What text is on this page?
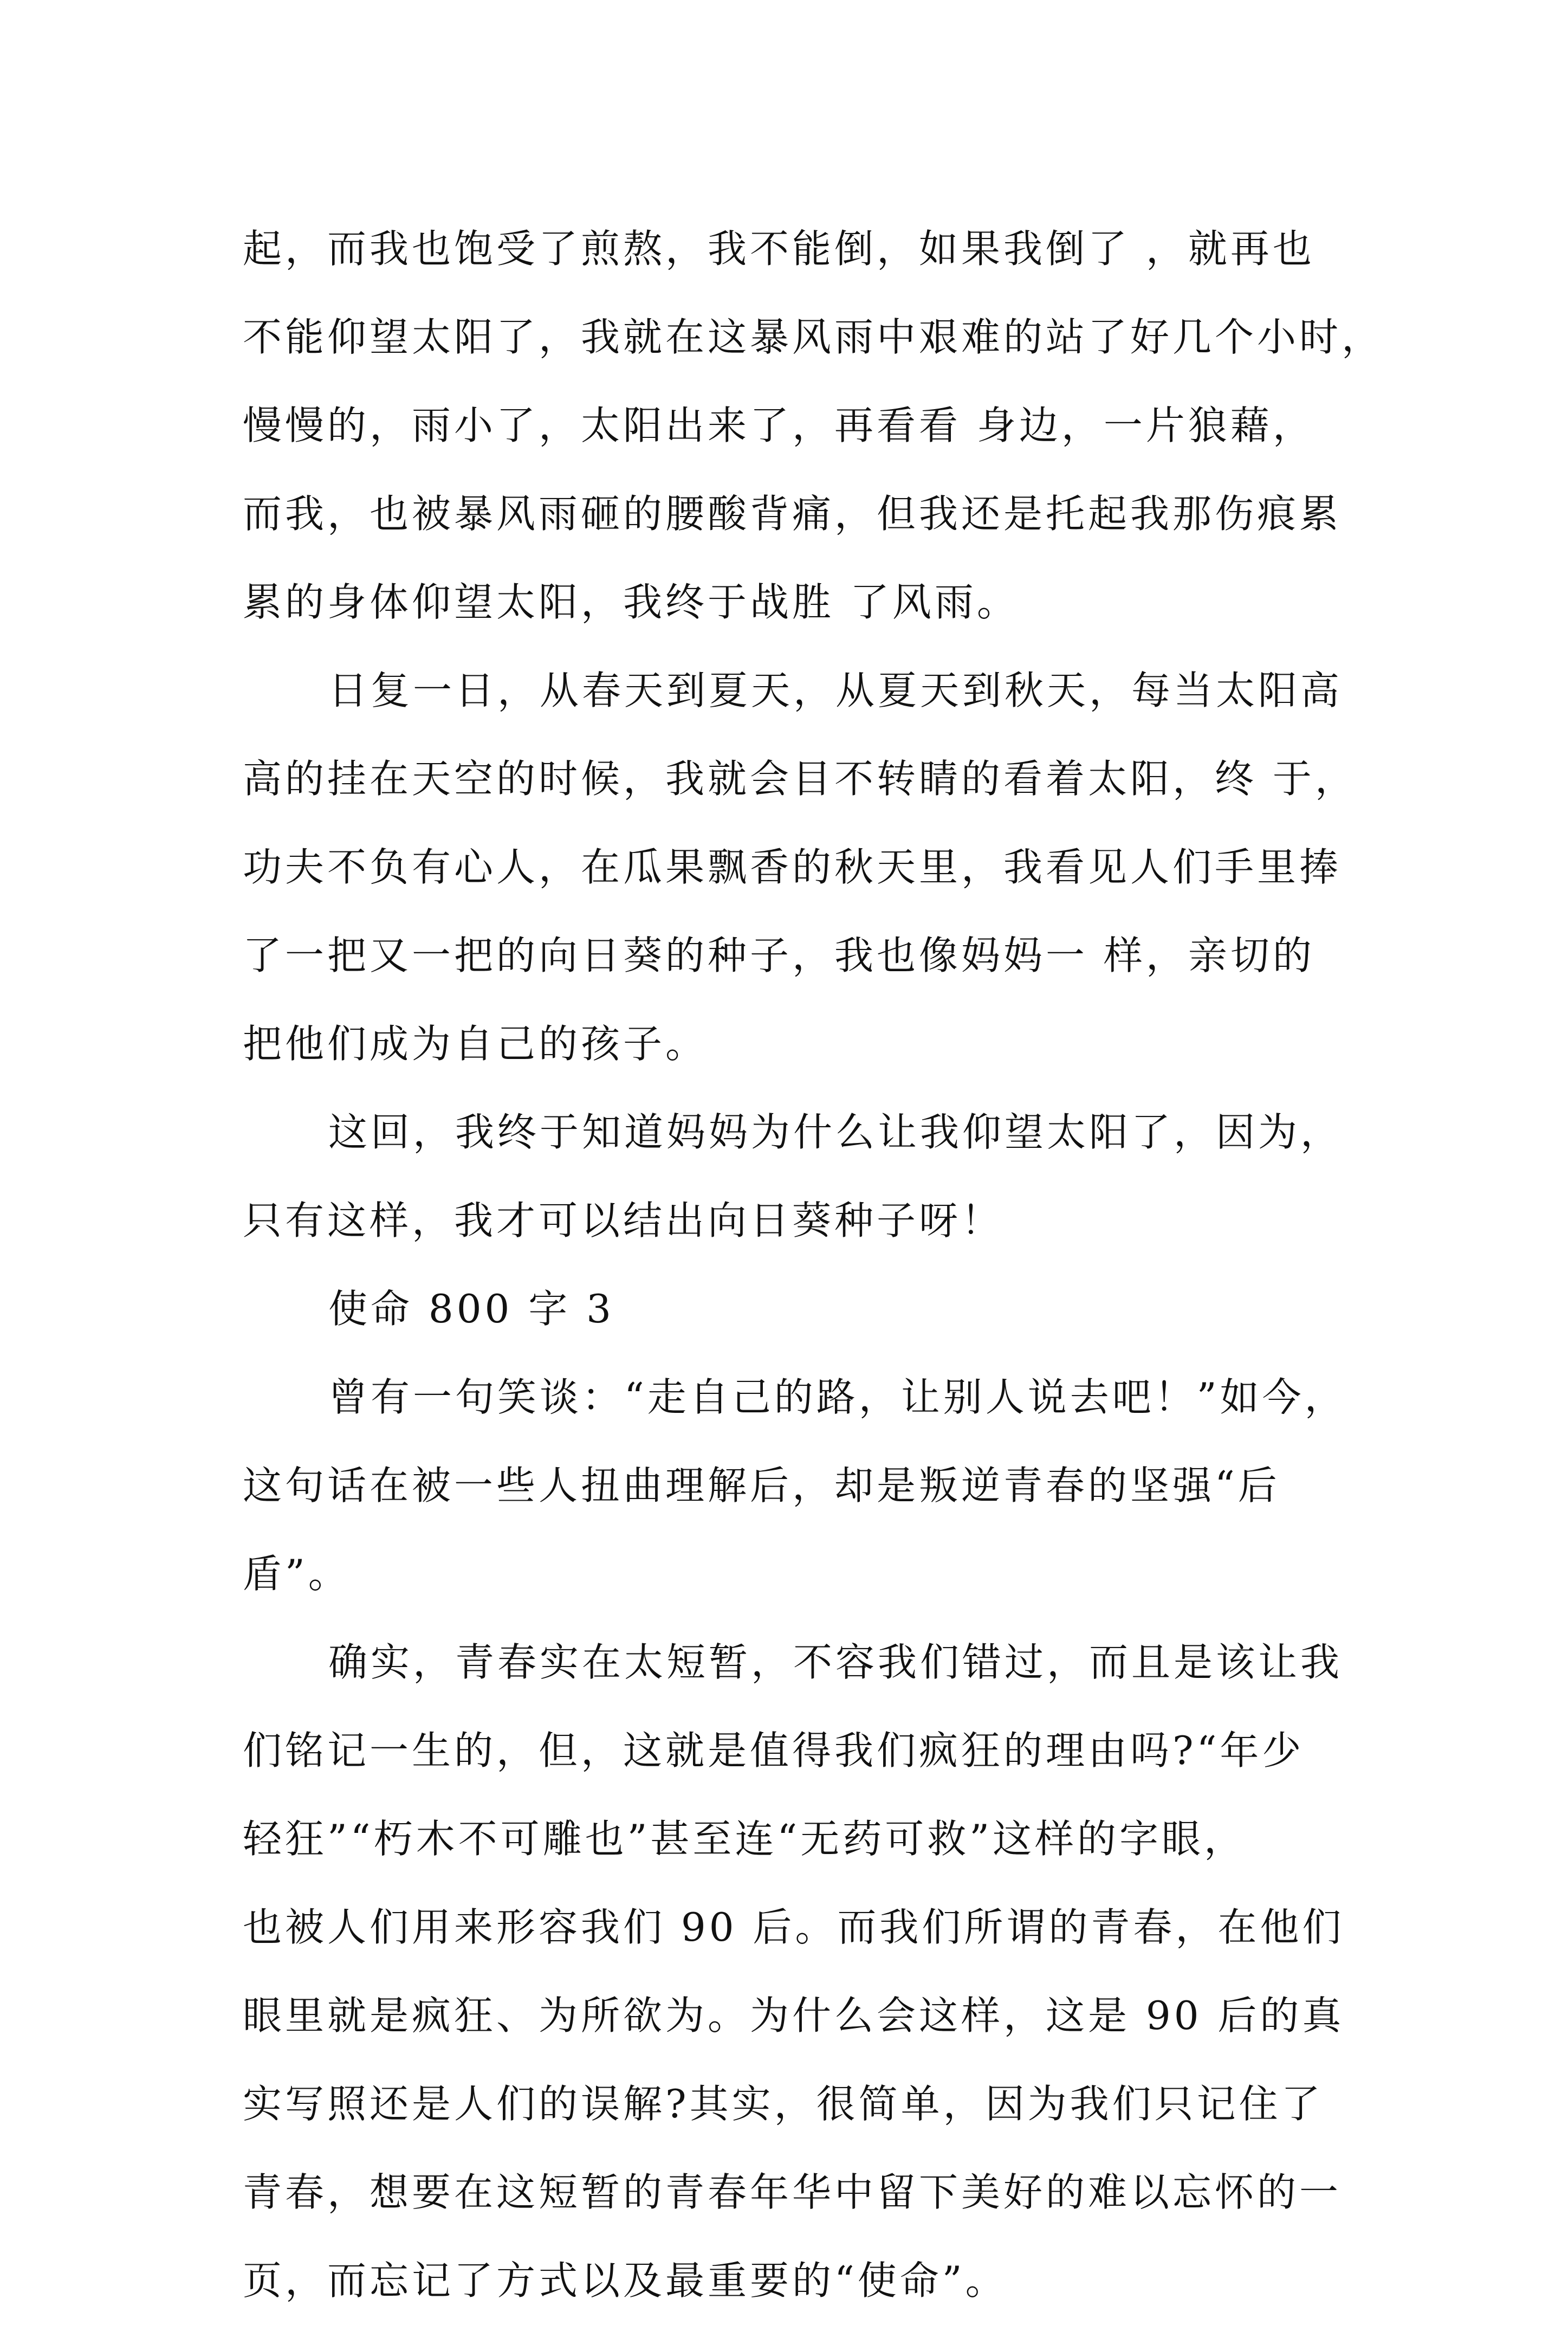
起，而我也饱受了煎熬，我不能倒，如果我倒了 ，就再也
不能仰望太阳了，我就在这暴风雨中艰难的站了好几个小时，
慢慢的，雨小了，太阳出来了，再看看 身边，一片狼藉，
而我，也被暴风雨砸的腰酸背痛，但我还是托起我那伤痕累
累的身体仰望太阳，我终于战胜 了风雨。
日复一日，从春天到夏天，从夏天到秋天，每当太阳高
高的挂在天空的时候，我就会目不转睛的看着太阳，终 于，
功夫不负有心人，在瓜果飘香的秋天里，我看见人们手里捧
了一把又一把的向日葵的种子，我也像妈妈一 样，亲切的
把他们成为自己的孩子。
这回，我终于知道妈妈为什么让我仰望太阳了，因为，
只有这样，我才可以结出向日葵种子呀！
使命 800 字 3
曾有一句笑谈：“走自己的路，让别人说去吧！”如今，
这句话在被一些人扭曲理解后，却是叛逆青春的坚强“后
盾”。
确实，青春实在太短暂，不容我们错过，而且是该让我
们铭记一生的，但，这就是值得我们疯狂的理由吗?“年少
轻狂”“朽木不可雕也”甚至连“无药可救”这样的字眼，
也被人们用来形容我们 90 后。而我们所谓的青春，在他们
眼里就是疯狂、为所欲为。为什么会这样，这是 90 后的真
实写照还是人们的误解?其实，很简单，因为我们只记住了
青春，想要在这短暂的青春年华中留下美好的难以忘怀的一
页，而忘记了方式以及最重要的“使命”。
